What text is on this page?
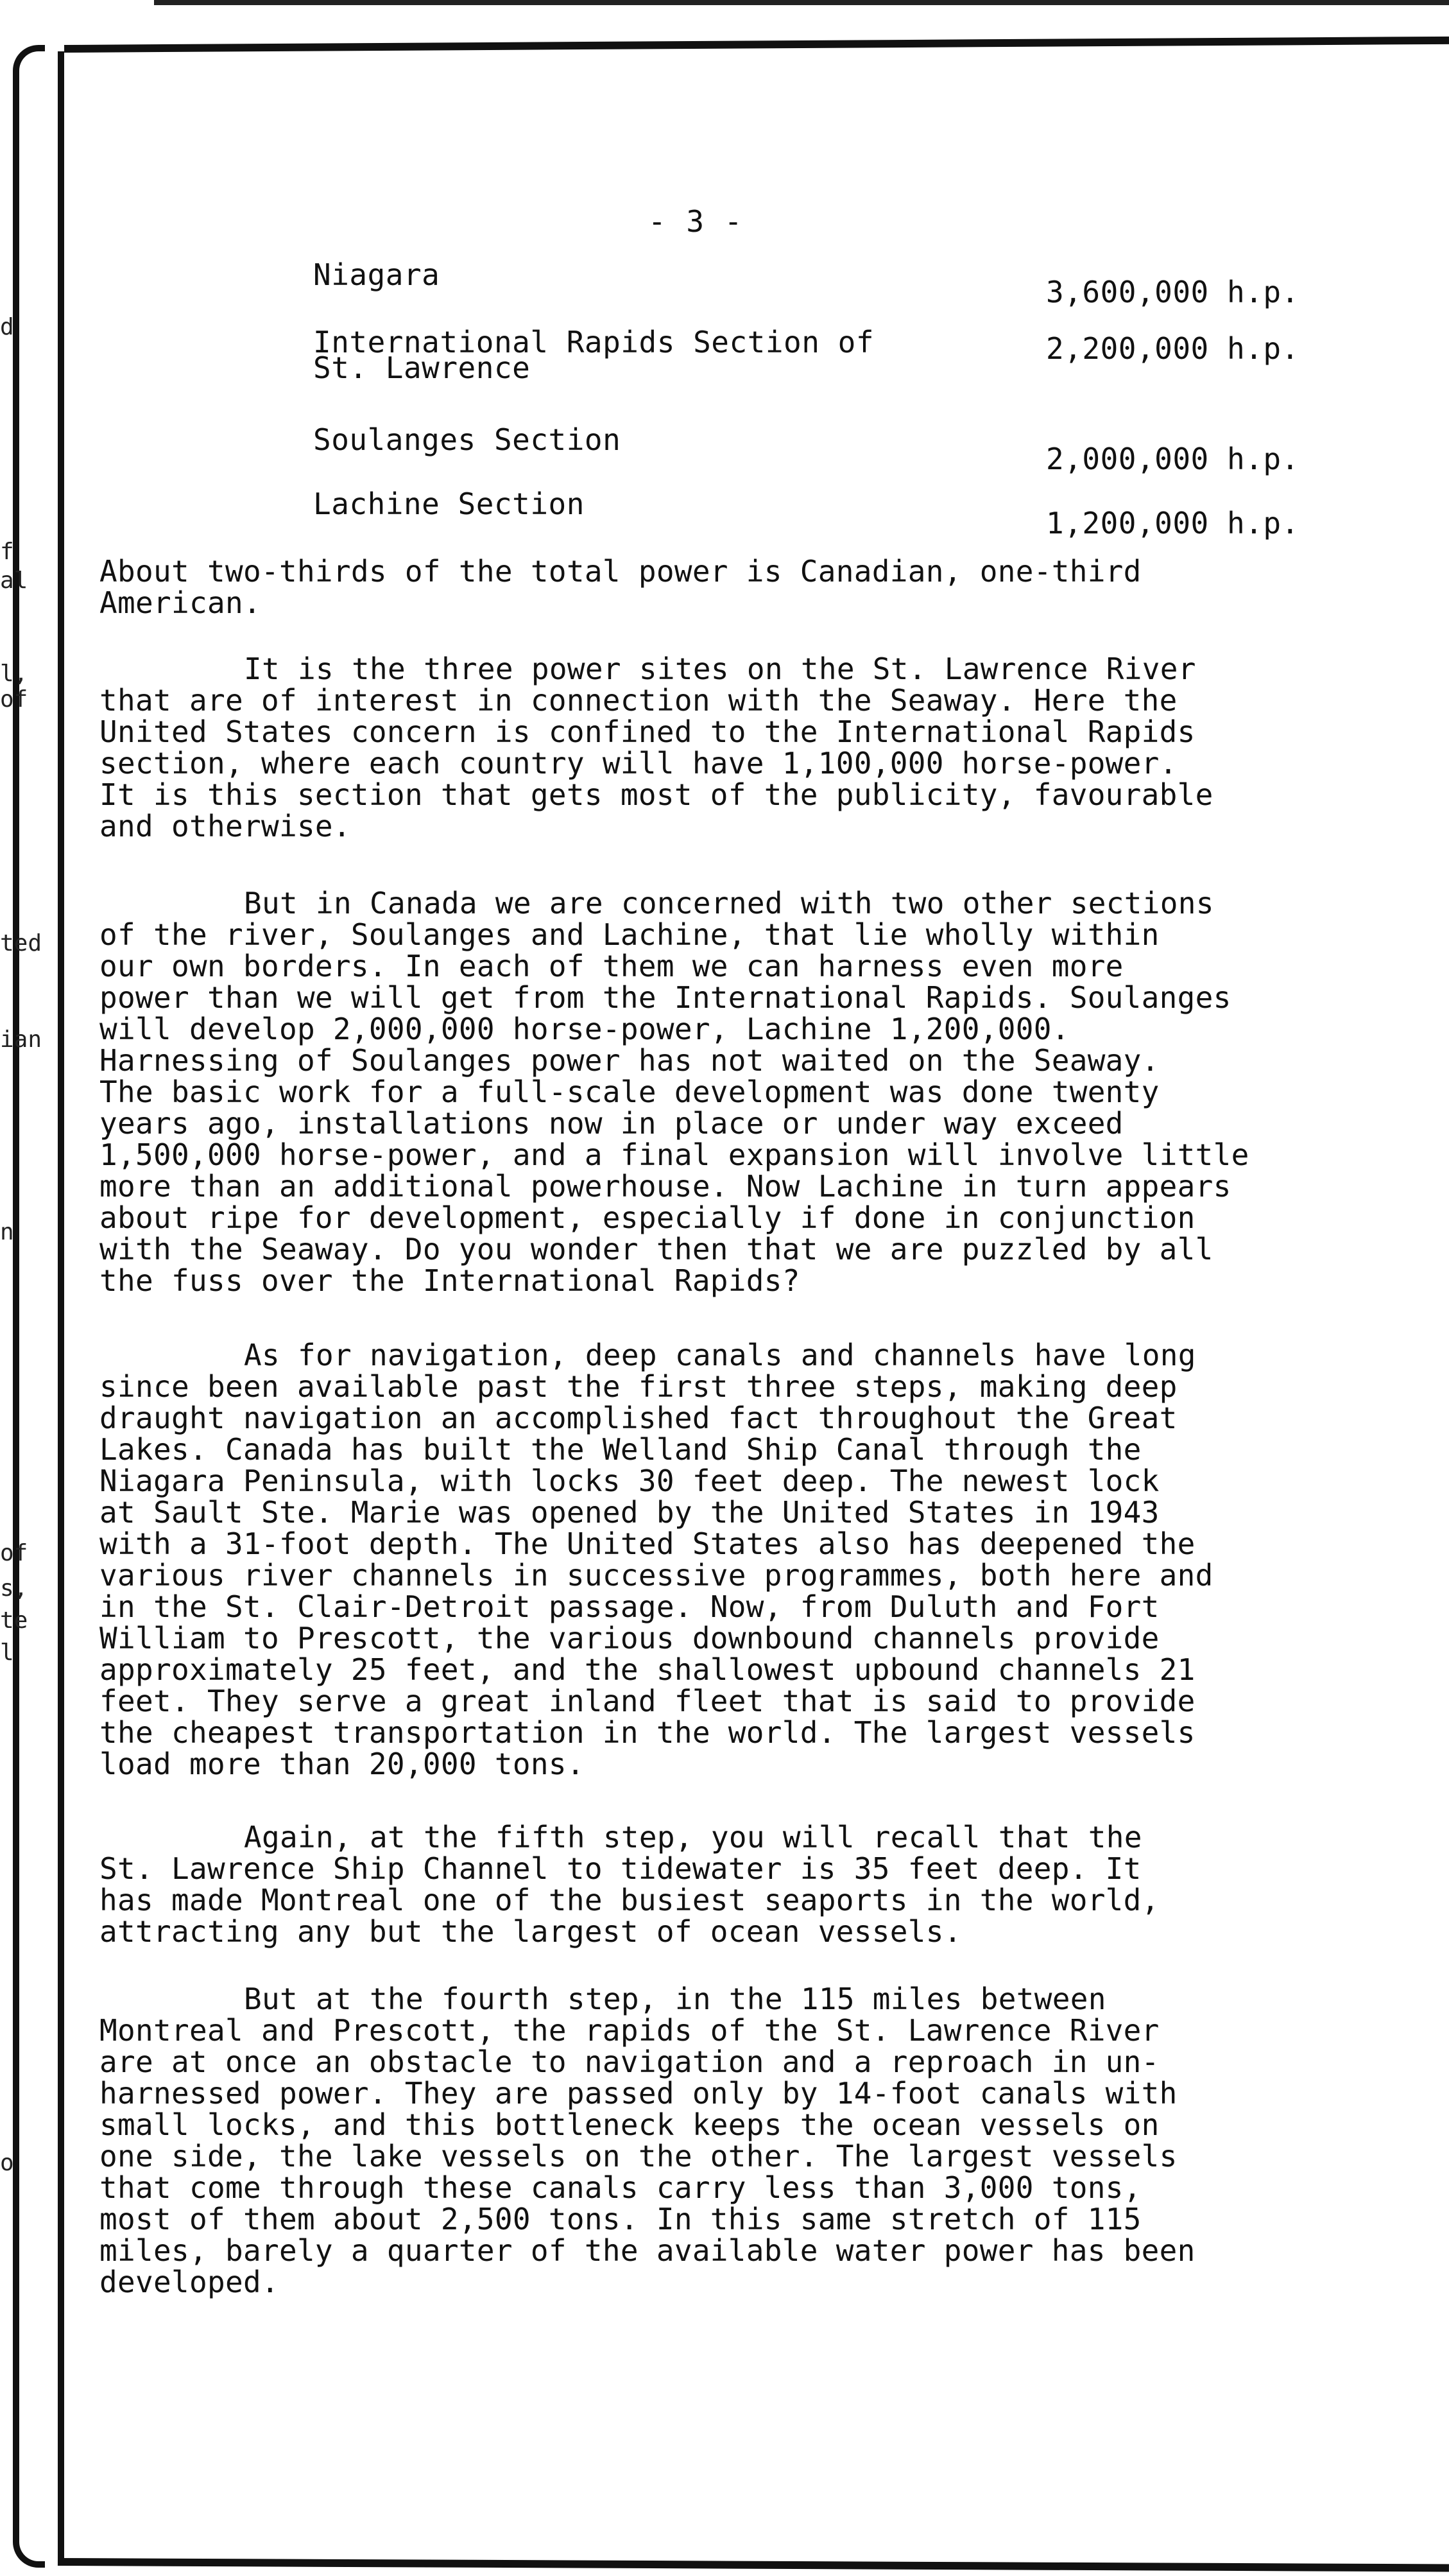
d
f
al
l,
of
ted
ian
n
of
s,
te
l
o
- 3 -
Niagara	3,600,000 h.p.
International Rapids Section of
St. Lawrence
2,200,000 h.p.
Soulanges Section
2,000,000 h.p.
Lachine Section
1,200,000 h.p.
About two-thirds of the total power is Canadian, one-third
American.
It is the three power sites on the St. Lawrence River
that are of interest in connection with the Seaway. Here the
United States concern is confined to the International Rapids
section, where each country will have 1,100,000 horse-power.
It is this section that gets most of the publicity, favourable
and otherwise.
But in Canada we are concerned with two other sections
of the river, Soulanges and Lachine, that lie wholly within
our own borders. In each of them we can harness even more
power than we will get from the International Rapids. Soulanges
will develop 2,000,000 horse-power, Lachine 1,200,000.
Harnessing of Soulanges power has not waited on the Seaway.
The basic work for a full-scale development was done twenty
years ago, installations now in place or under way exceed
1,500,000 horse-power, and a final expansion will involve little
more than an additional powerhouse. Now Lachine in turn appears
about ripe for development, especially if done in conjunction
with the Seaway. Do you wonder then that we are puzzled by all
the fuss over the International Rapids?
As for navigation, deep canals and channels have long
since been available past the first three steps, making deep
draught navigation an accomplished fact throughout the Great
Lakes. Canada has built the Welland Ship Canal through the
Niagara Peninsula, with locks 30 feet deep. The newest lock
at Sault Ste. Marie was opened by the United States in 1943
with a 31-foot depth. The United States also has deepened the
various river channels in successive programmes, both here and
in the St. Clair-Detroit passage. Now, from Duluth and Fort
William to Prescott, the various downbound channels provide
approximately 25 feet, and the shallowest upbound channels 21
feet. They serve a great inland fleet that is said to provide
the cheapest transportation in the world. The largest vessels
load more than 20,000 tons.
Again, at the fifth step, you will recall that the
St. Lawrence Ship Channel to tidewater is 35 feet deep. It
has made Montreal one of the busiest seaports in the world,
attracting any but the largest of ocean vessels.
But at the fourth step, in the 115 miles between
Montreal and Prescott, the rapids of the St. Lawrence River
are at once an obstacle to navigation and a reproach in un-
harnessed power. They are passed only by 14-foot canals with
small locks, and this bottleneck keeps the ocean vessels on
one side, the lake vessels on the other. The largest vessels
that come through these canals carry less than 3,000 tons,
most of them about 2,500 tons. In this same stretch of 115
miles, barely a quarter of the available water power has been
developed.
